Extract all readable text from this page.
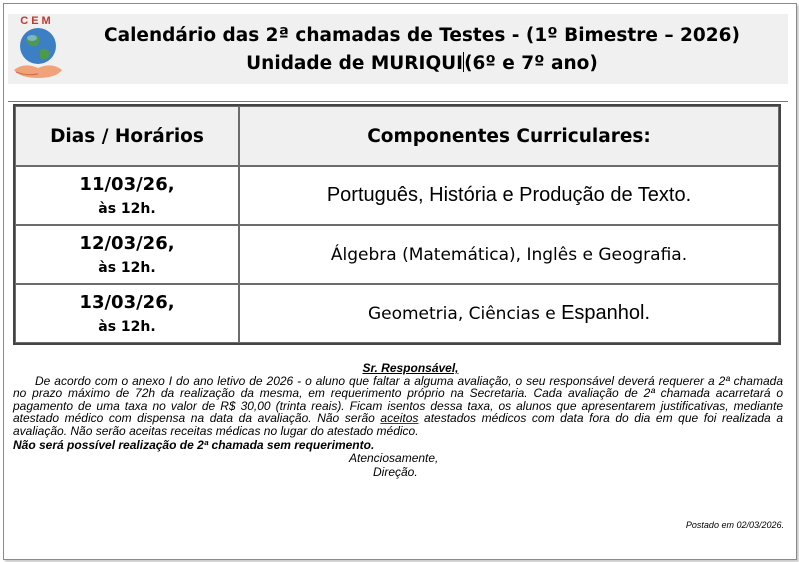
CEM
Calendário das 2ª chamadas de Testes - (1º Bimestre – 2026)
Unidade de MURIQUI(6º e 7º ano)
Dias / Horários	Componentes Curriculares:

11/03/26,
às 12h.	Português, História e Produção de Texto.

12/03/26,
às 12h.	Álgebra (Matemática), Inglês e Geografia.

13/03/26,
às 12h.	Geometria, Ciências e Espanhol.
Sr. Responsável,

De acordo com o anexo I do ano letivo de 2026 - o aluno que faltar a alguma avaliação, o seu responsável deverá requerer a 2ª chamada no prazo máximo de 72h da realização da mesma, em requerimento próprio na Secretaria. Cada avaliação de 2ª chamada acarretará o pagamento de uma taxa no valor de R$ 30,00 (trinta reais). Ficam isentos dessa taxa, os alunos que apresentarem justificativas, mediante atestado médico com dispensa na data da avaliação. Não serão aceitos atestados médicos com data fora do dia em que foi realizada a avaliação. Não serão aceitas receitas médicas no lugar do atestado médico.

Não será possível realização de 2ª chamada sem requerimento.
Atenciosamente,
Direção.
Postado em 02/03/2026.
